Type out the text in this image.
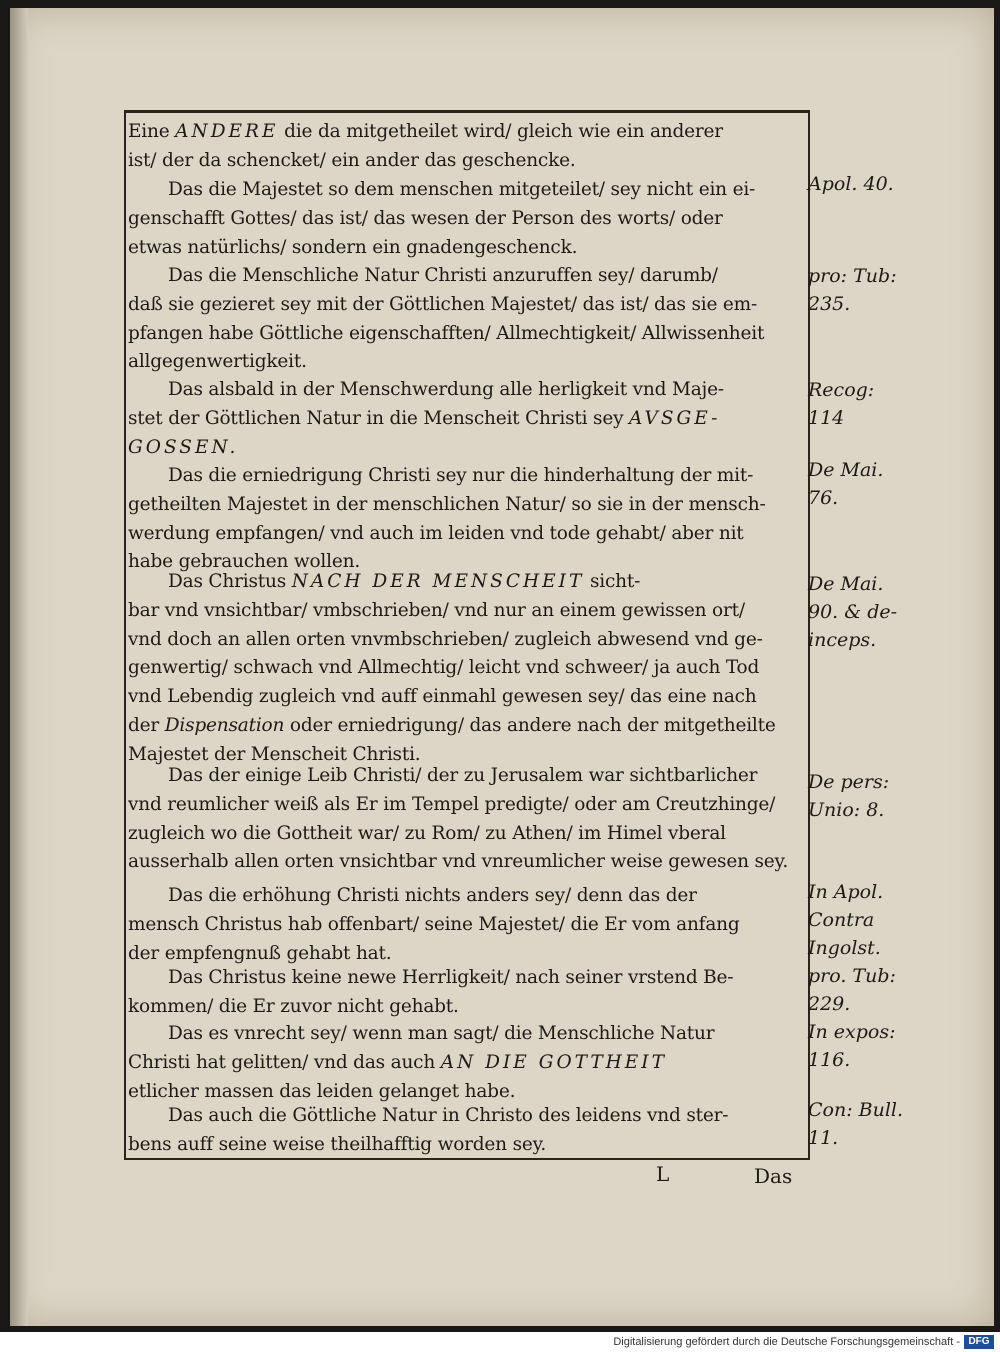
Eine ANDERE die da mitgetheilet wird/ gleich wie ein anderer
ist/ der da schencket/ ein ander das geschencke.
Das die Majestet so dem menschen mitgeteilet/ sey nicht ein ei-
genschafft Gottes/ das ist/ das wesen der Person des worts/ oder
etwas natürlichs/ sondern ein gnadengeschenck.
Das die Menschliche Natur Christi anzuruffen sey/ darumb/
daß sie gezieret sey mit der Göttlichen Majestet/ das ist/ das sie em-
pfangen habe Göttliche eigenschafften/ Allmechtigkeit/ Allwissenheit
allgegenwertigkeit.
Das alsbald in der Menschwerdung alle herligkeit vnd Maje-
stet der Göttlichen Natur in die Menscheit Christi sey AVSGE-
GOSSEN.
Das die erniedrigung Christi sey nur die hinderhaltung der mit-
getheilten Majestet in der menschlichen Natur/ so sie in der mensch-
werdung empfangen/ vnd auch im leiden vnd tode gehabt/ aber nit
habe gebrauchen wollen.
Das Christus NACH DER MENSCHEIT sicht-
bar vnd vnsichtbar/ vmbschrieben/ vnd nur an einem gewissen ort/
vnd doch an allen orten vnvmbschrieben/ zugleich abwesend vnd ge-
genwertig/ schwach vnd Allmechtig/ leicht vnd schweer/ ja auch Tod
vnd Lebendig zugleich vnd auff einmahl gewesen sey/ das eine nach
der Dispensation oder erniedrigung/ das andere nach der mitgetheilte
Majestet der Menscheit Christi.
Das der einige Leib Christi/ der zu Jerusalem war sichtbarlicher
vnd reumlicher weiß als Er im Tempel predigte/ oder am Creutzhinge/
zugleich wo die Gottheit war/ zu Rom/ zu Athen/ im Himel vberal
ausserhalb allen orten vnsichtbar vnd vnreumlicher weise gewesen sey.
Das die erhöhung Christi nichts anders sey/ denn das der
mensch Christus hab offenbart/ seine Majestet/ die Er vom anfang
der empfengnuß gehabt hat.
Das Christus keine newe Herrligkeit/ nach seiner vrstend Be-
kommen/ die Er zuvor nicht gehabt.
Das es vnrecht sey/ wenn man sagt/ die Menschliche Natur
Christi hat gelitten/ vnd das auch AN DIE GOTTHEIT
etlicher massen das leiden gelanget habe.
Das auch die Göttliche Natur in Christo des leidens vnd ster-
bens auff seine weise theilhafftig worden sey.
Apol. 40.
pro: Tub:
235.
Recog:
114
De Mai.
76.
De Mai.
90. & de-
inceps.
De pers:
Unio: 8.
In Apol.
Contra
Ingolst.
pro. Tub:
229.
In expos:
116.
Con: Bull.
11.
L	Das
Digitalisierung gefördert durch die Deutsche Forschungsgemeinschaft - DFG
